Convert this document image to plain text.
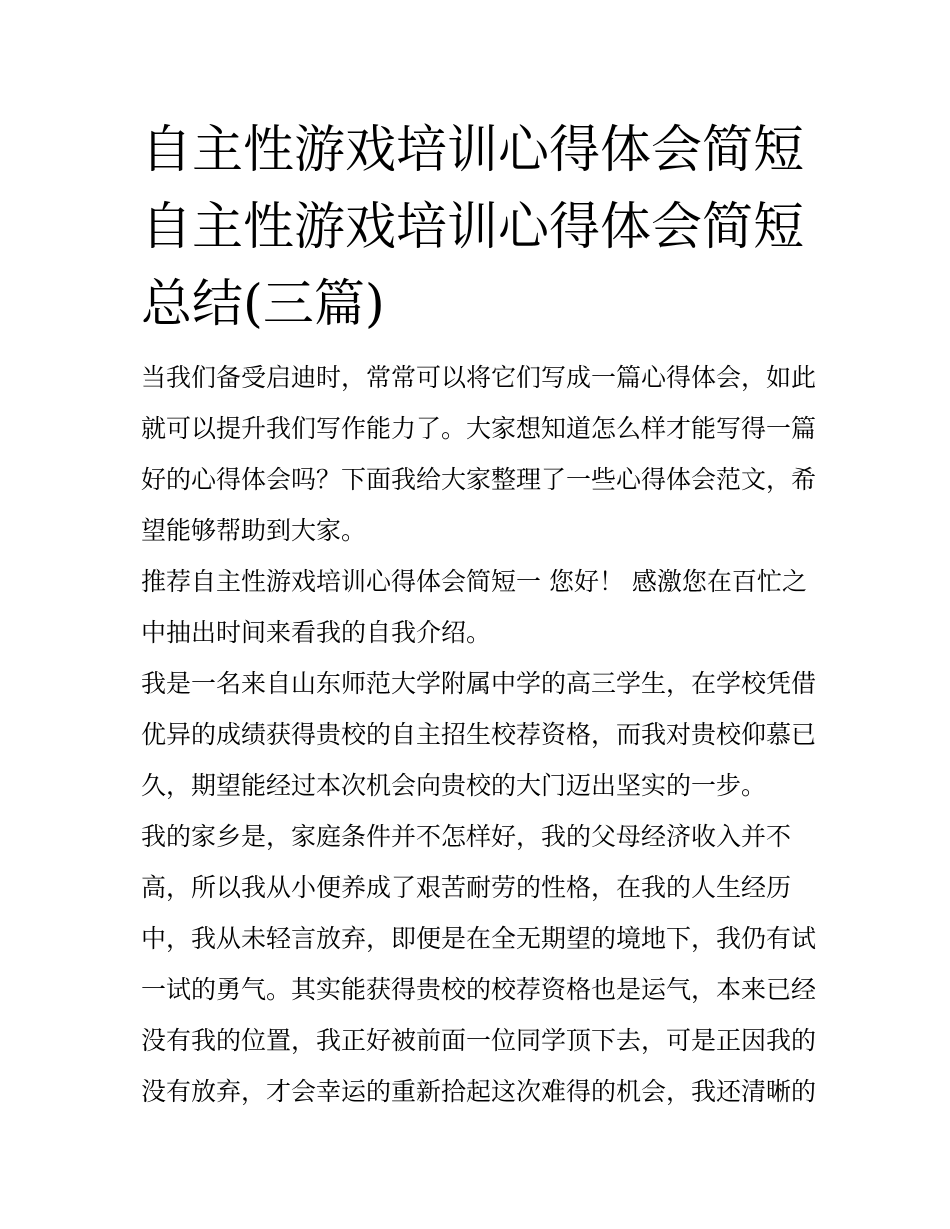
自主性游戏培训心得体会简短
自主性游戏培训心得体会简短
总结(三篇)
当我们备受启迪时，常常可以将它们写成一篇心得体会，如此
就可以提升我们写作能力了。大家想知道怎么样才能写得一篇
好的心得体会吗？下面我给大家整理了一些心得体会范文，希
望能够帮助到大家。
推荐自主性游戏培训心得体会简短一 您好！ 感激您在百忙之
中抽出时间来看我的自我介绍。
我是一名来自山东师范大学附属中学的高三学生，在学校凭借
优异的成绩获得贵校的自主招生校荐资格，而我对贵校仰慕已
久，期望能经过本次机会向贵校的大门迈出坚实的一步。
我的家乡是，家庭条件并不怎样好，我的父母经济收入并不
高，所以我从小便养成了艰苦耐劳的性格，在我的人生经历
中，我从未轻言放弃，即便是在全无期望的境地下，我仍有试
一试的勇气。其实能获得贵校的校荐资格也是运气，本来已经
没有我的位置，我正好被前面一位同学顶下去，可是正因我的
没有放弃，才会幸运的重新拾起这次难得的机会，我还清晰的
